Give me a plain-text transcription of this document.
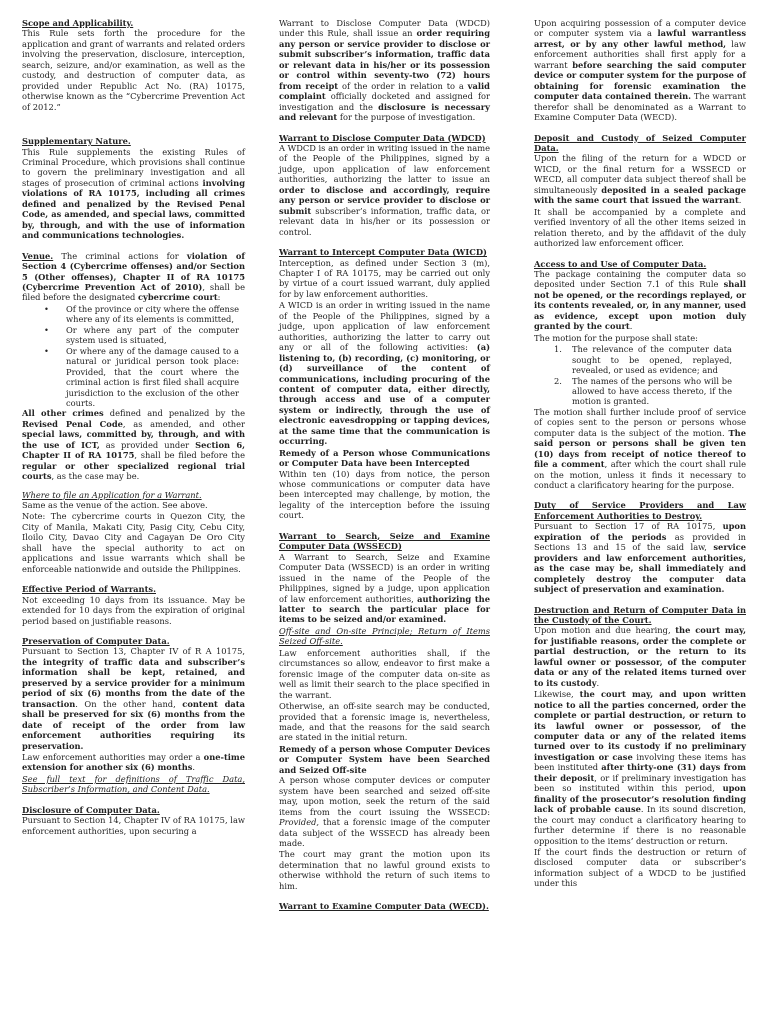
Scope and Applicability.

This Rule sets forth the procedure for the application and grant of warrants and related orders involving the preservation, disclosure, interception, search, seizure, and/or examination, as well as the custody, and destruction of computer data, as provided under Republic Act No. (RA) 10175, otherwise known as the “Cybercrime Prevention Act of 2012.”

Supplementary Nature.

This Rule supplements the existing Rules of Criminal Procedure, which provisions shall continue to govern the preliminary investigation and all stages of prosecution of criminal actions involving violations of RA 10175, including all crimes defined and penalized by the Revised Penal Code, as amended, and special laws, committed by, through, and with the use of information and communications technologies.

Venue. The criminal actions for violation of Section 4 (Cybercrime offenses) and/or Section 5 (Other offenses), Chapter II of RA 10175 (Cybercrime Prevention Act of 2010), shall be filed before the designated cybercrime court:

• Of the province or city where the offense where any of its elements is committed,
• Or where any part of the computer system used is situated,
• Or where any of the damage caused to a natural or juridical person took place: Provided, that the court where the criminal action is first filed shall acquire jurisdiction to the exclusion of the other courts.

All other crimes defined and penalized by the Revised Penal Code, as amended, and other special laws, committed by, through, and with the use of ICT, as provided under Section 6, Chapter II of RA 10175, shall be filed before the regular or other specialized regional trial courts, as the case may be.

Where to file an Application for a Warrant.

Same as the venue of the action. See above.

Note: The cybercrime courts in Quezon City, the City of Manila, Makati City, Pasig City, Cebu City, Iloilo City, Davao City and Cagayan De Oro City shall have the special authority to act on applications and issue warrants which shall be enforceable nationwide and outside the Philippines.

Effective Period of Warrants.

Not exceeding 10 days from its issuance. May be extended for 10 days from the expiration of original period based on justifiable reasons.

Preservation of Computer Data.

Pursuant to Section 13, Chapter IV of R A 10175, the integrity of traffic data and subscriber’s information shall be kept, retained, and preserved by a service provider for a minimum period of six (6) months from the date of the transaction. On the other hand, content data shall be preserved for six (6) months from the date of receipt of the order from law enforcement authorities requiring its preservation.

Law enforcement authorities may order a one-time extension for another six (6) months.

See full text for definitions of Traffic Data, Subscriber’s Information, and Content Data.

Disclosure of Computer Data.

Pursuant to Section 14, Chapter IV of RA 10175, law enforcement authorities, upon securing a

Warrant to Disclose Computer Data (WDCD) under this Rule, shall issue an order requiring any person or service provider to disclose or submit subscriber’s information, traffic data or relevant data in his/her or its possession or control within seventy-two (72) hours from receipt of the order in relation to a valid complaint officially docketed and assigned for investigation and the disclosure is necessary and relevant for the purpose of investigation.

Warrant to Disclose Computer Data (WDCD)

A WDCD is an order in writing issued in the name of the People of the Philippines, signed by a judge, upon application of law enforcement authorities, authorizing the latter to issue an order to disclose and accordingly, require any person or service provider to disclose or submit subscriber’s information, traffic data, or relevant data in his/her or its possession or control.

Warrant to Intercept Computer Data (WICD)

Interception, as defined under Section 3 (m), Chapter I of RA 10175, may be carried out only by virtue of a court issued warrant, duly applied for by law enforcement authorities.

A WICD is an order in writing issued in the name of the People of the Philippines, signed by a judge, upon application of law enforcement authorities, authorizing the latter to carry out any or all of the following activities: (a) listening to, (b) recording, (c) monitoring, or (d) surveillance of the content of communications, including procuring of the content of computer data, either directly, through access and use of a computer system or indirectly, through the use of electronic eavesdropping or tapping devices, at the same time that the communication is occurring.

Remedy of a Person whose Communications or Computer Data have been Intercepted

Within ten (10) days from notice, the person whose communications or computer data have been intercepted may challenge, by motion, the legality of the interception before the issuing court.

Warrant to Search, Seize and Examine Computer Data (WSSECD)

A Warrant to Search, Seize and Examine Computer Data (WSSECD) is an order in writing issued in the name of the People of the Philippines, signed by a judge, upon application of law enforcement authorities, authorizing the latter to search the particular place for items to be seized and/or examined.

Off-site and On-site Principle; Return of Items Seized Off-site.

Law enforcement authorities shall, if the circumstances so allow, endeavor to first make a forensic image of the computer data on-site as well as limit their search to the place specified in the warrant.

Otherwise, an off-site search may be conducted, provided that a forensic image is, nevertheless, made, and that the reasons for the said search are stated in the initial return.

Remedy of a person whose Computer Devices or Computer System have been Searched and Seized Off-site

A person whose computer devices or computer system have been searched and seized off-site may, upon motion, seek the return of the said items from the court issuing the WSSECD: Provided, that a forensic image of the computer data subject of the WSSECD has already been made.

The court may grant the motion upon its determination that no lawful ground exists to otherwise withhold the return of such items to him.

Warrant to Examine Computer Data (WECD).

Upon acquiring possession of a computer device or computer system via a lawful warrantless arrest, or by any other lawful method, law enforcement authorities shall first apply for a warrant before searching the said computer device or computer system for the purpose of obtaining for forensic examination the computer data contained therein. The warrant therefor shall be denominated as a Warrant to Examine Computer Data (WECD).

Deposit and Custody of Seized Computer Data.

Upon the filing of the return for a WDCD or WICD, or the final return for a WSSECD or WECD, all computer data subject thereof shall be simultaneously deposited in a sealed package with the same court that issued the warrant.

It shall be accompanied by a complete and verified inventory of all the other items seized in relation thereto, and by the affidavit of the duly authorized law enforcement officer.

Access to and Use of Computer Data.

The package containing the computer data so deposited under Section 7.1 of this Rule shall not be opened, or the recordings replayed, or its contents revealed, or, in any manner, used as evidence, except upon motion duly granted by the court.

The motion for the purpose shall state:

1. The relevance of the computer data sought to be opened, replayed, revealed, or used as evidence; and
2. The names of the persons who will be allowed to have access thereto, if the motion is granted.

The motion shall further include proof of service of copies sent to the person or persons whose computer data is the subject of the motion. The said person or persons shall be given ten (10) days from receipt of notice thereof to file a comment, after which the court shall rule on the motion, unless it finds it necessary to conduct a clarificatory hearing for the purpose.

Duty of Service Providers and Law Enforcement Authorities to Destroy.

Pursuant to Section 17 of RA 10175, upon expiration of the periods as provided in Sections 13 and 15 of the said law, service providers and law enforcement authorities, as the case may be, shall immediately and completely destroy the computer data subject of preservation and examination.

Destruction and Return of Computer Data in the Custody of the Court.

Upon motion and due hearing, the court may, for justifiable reasons, order the complete or partial destruction, or the return to its lawful owner or possessor, of the computer data or any of the related items turned over to its custody.

Likewise, the court may, and upon written notice to all the parties concerned, order the complete or partial destruction, or return to its lawful owner or possessor, of the computer data or any of the related items turned over to its custody if no preliminary investigation or case involving these items has been instituted after thirty-one (31) days from their deposit, or if preliminary investigation has been so instituted within this period, upon finality of the prosecutor’s resolution finding lack of probable cause. In its sound discretion, the court may conduct a clarificatory hearing to further determine if there is no reasonable opposition to the items’ destruction or return.

If the court finds the destruction or return of disclosed computer data or subscriber’s information subject of a WDCD to be justified under this
